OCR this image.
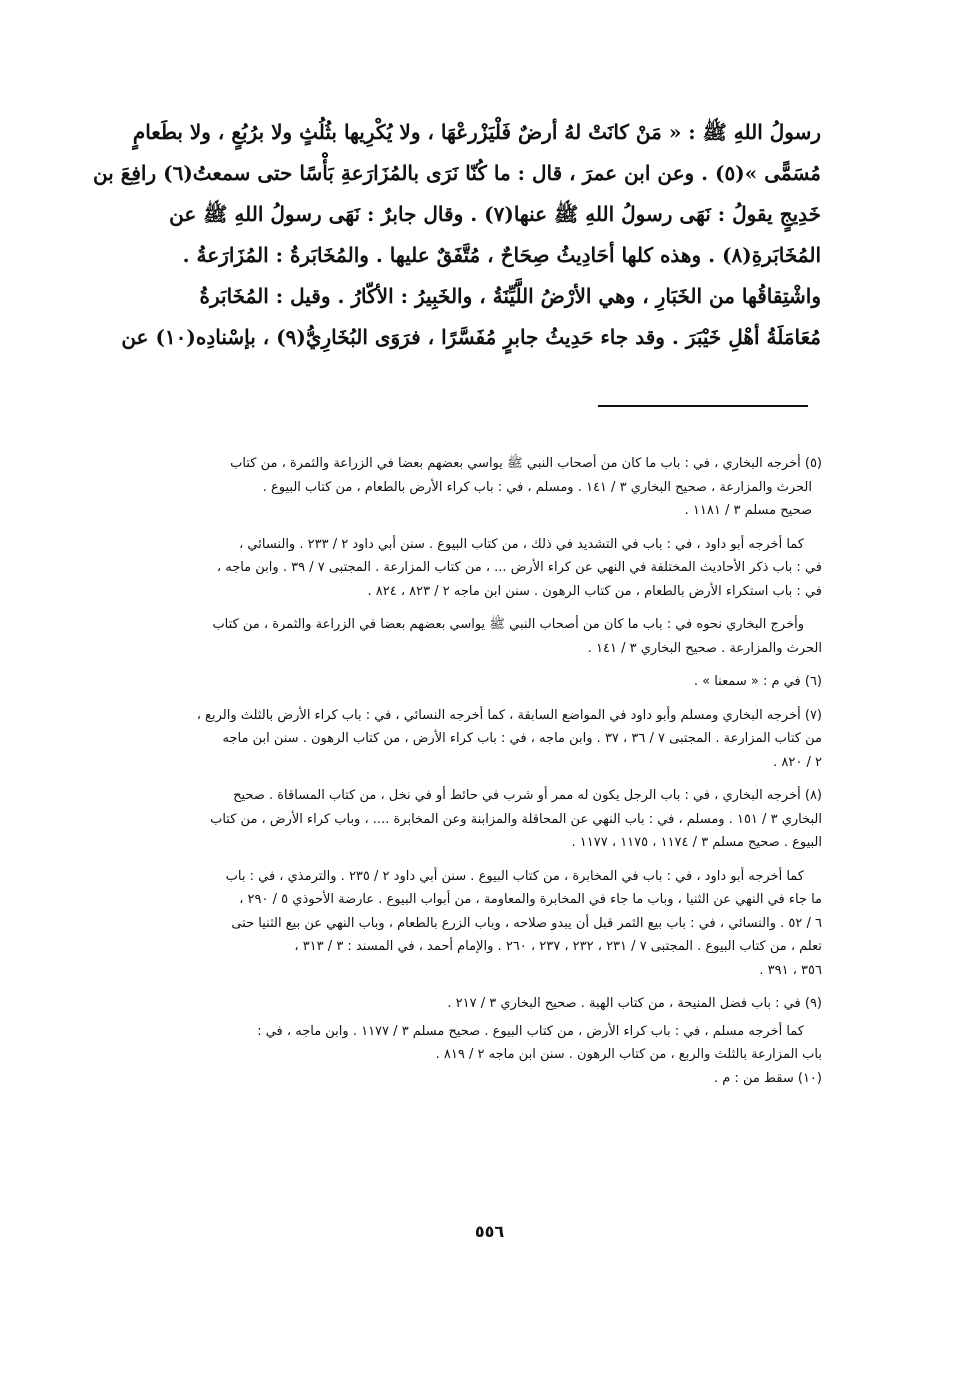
رسولُ اللهِ ﷺ : « مَنْ كانَتْ لهُ أرضٌ فَلْيَزْرعْهَا ، ولا يُكْرِيها بثُلُثٍ ولا برُبُعٍ ، ولا بطَعامٍ
مُسَمًّى »(٥) . وعن ابن عمرَ ، قال : ما كُنّا نَرَى بالمُزَارَعةِ بَأْسًا حتى سمعتُ(٦) رافِعَ بن
خَدِيجٍ يقولُ : نَهَى رسولُ اللهِ ﷺ عنها(٧) . وقال جابرٌ : نَهَى رسولُ اللهِ ﷺ عن
المُخَابَرةِ(٨) . وهذه كلها أحَادِيثُ صِحَاحٌ ، مُتَّفَقٌ عليها . والمُخَابَرةُ : المُزَارَعةُ .
واشْتِقاقُها من الخَبَارِ ، وهي الأرْضُ اللَّيِّنَةُ ، والخَبِيرُ : الأكّارُ . وقيل : المُخَابَرةُ
مُعَامَلَةُ أهْلِ خَيْبَرَ . وقد جاء حَدِيثُ جابرٍ مُفَسَّرًا ، فرَوَى البُخَارِيُّ(٩) ، بإسْنادِه(١٠) عن
(٥) أخرجه البخاري ، في : باب ما كان من أصحاب النبي ﷺ يواسي بعضهم بعضا في الزراعة والثمرة ، من كتاب
الحرث والمزارعة ، صحيح البخاري ٣ / ١٤١ . ومسلم ، في : باب كراء الأرض بالطعام ، من كتاب البيوع .
صحيح مسلم ٣ / ١١٨١ .
كما أخرجه أبو داود ، في : باب في التشديد في ذلك ، من كتاب البيوع . سنن أبي داود ٢ / ٢٣٣ . والنسائي ،
في : باب ذكر الأحاديث المختلفة في النهي عن كراء الأرض ... ، من كتاب المزارعة . المجتبى ٧ / ٣٩ . وابن ماجه ،
في : باب استكراء الأرض بالطعام ، من كتاب الرهون . سنن ابن ماجه ٢ / ٨٢٣ ، ٨٢٤ .
وأخرج البخاري نحوه في : باب ما كان من أصحاب النبي ﷺ يواسي بعضهم بعضا في الزراعة والثمرة ، من كتاب
الحرث والمزارعة . صحيح البخاري ٣ / ١٤١ .
(٦) في م : « سمعنا » .
(٧) أخرجه البخاري ومسلم وأبو داود في المواضع السابقة ، كما أخرجه النسائي ، في : باب كراء الأرض بالثلث والربع ،
من كتاب المزارعة . المجتبى ٧ / ٣٦ ، ٣٧ . وابن ماجه ، في : باب كراء الأرض ، من كتاب الرهون . سنن ابن ماجه
٢ / ٨٢٠ .
(٨) أخرجه البخاري ، في : باب الرجل يكون له ممر أو شرب في حائط أو في نخل ، من كتاب المساقاة . صحيح
البخاري ٣ / ١٥١ . ومسلم ، في : باب النهي عن المحاقلة والمزابنة وعن المخابرة .... ، وباب كراء الأرض ، من كتاب
البيوع . صحيح مسلم ٣ / ١١٧٤ ، ١١٧٥ ، ١١٧٧ .
كما أخرجه أبو داود ، في : باب في المخابرة ، من كتاب البيوع . سنن أبي داود ٢ / ٢٣٥ . والترمذي ، في : باب
ما جاء في النهي عن الثنيا ، وباب ما جاء في المخابرة والمعاومة ، من أبواب البيوع . عارضة الأحوذي ٥ / ٢٩٠ ،
٦ / ٥٢ . والنسائي ، في : باب بيع الثمر قبل أن يبدو صلاحه ، وباب الزرع بالطعام ، وباب النهي عن بيع الثنيا حتى
تعلم ، من كتاب البيوع . المجتبى ٧ / ٢٣١ ، ٢٣٢ ، ٢٣٧ ، ٢٦٠ . والإمام أحمد ، في المسند : ٣ / ٣١٣ ،
٣٥٦ ، ٣٩١ .
(٩) في : باب فضل المنيحة ، من كتاب الهبة . صحيح البخاري ٣ / ٢١٧ .
كما أخرجه مسلم ، في : باب كراء الأرض ، من كتاب البيوع . صحيح مسلم ٣ / ١١٧٧ . وابن ماجه ، في :
باب المزارعة بالثلث والربع ، من كتاب الرهون . سنن ابن ماجه ٢ / ٨١٩ .
(١٠) سقط من : م .
٥٥٦
